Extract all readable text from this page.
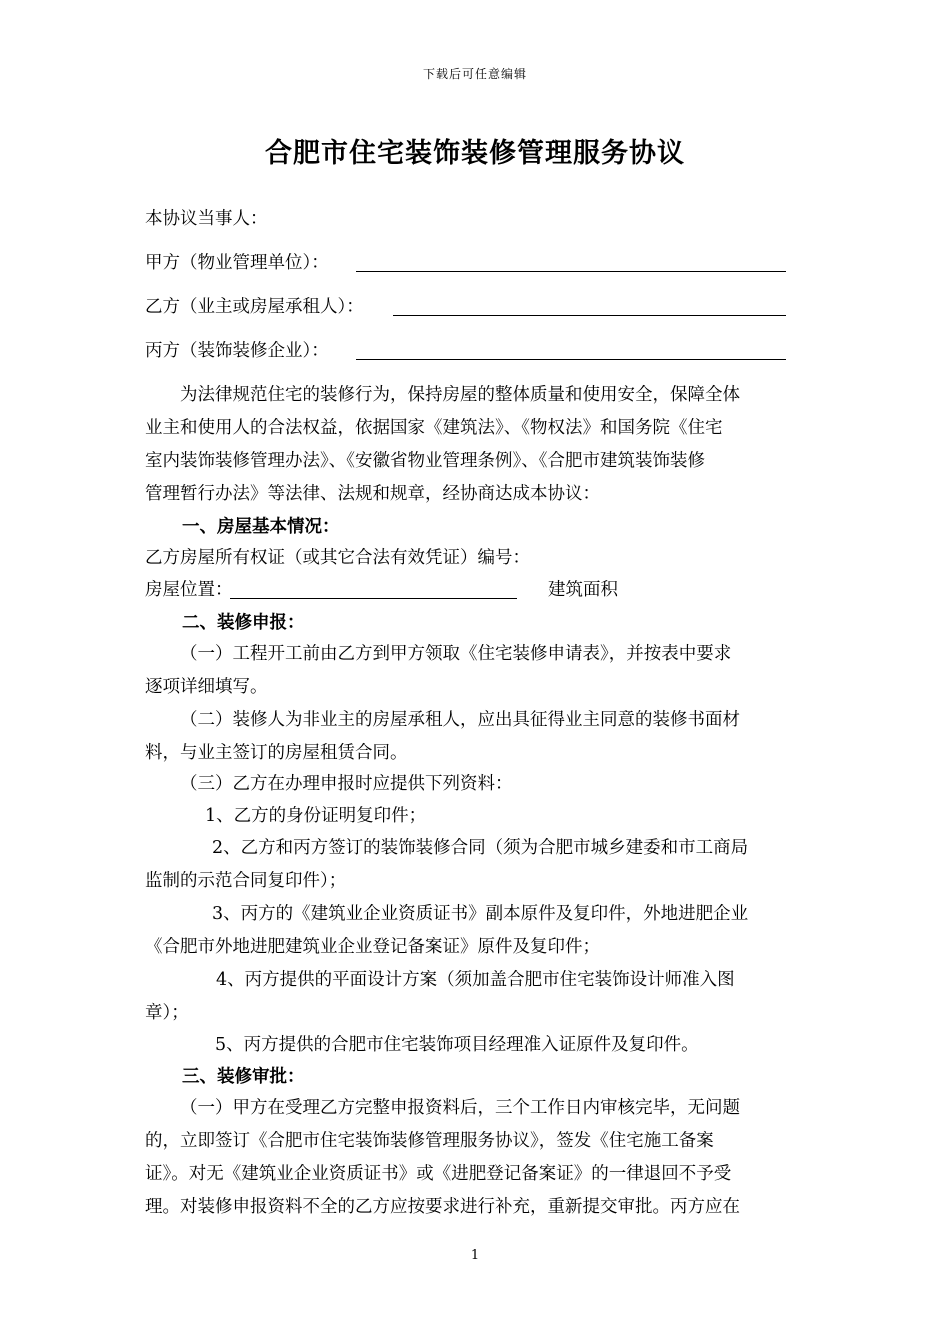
下载后可任意编辑
合肥市住宅装饰装修管理服务协议
本协议当事人：
甲方（物业管理单位）：
乙方（业主或房屋承租人）：
丙方（装饰装修企业）：
为法律规范住宅的装修行为，保持房屋的整体质量和使用安全，保障全体
业主和使用人的合法权益，依据国家《建筑法》、《物权法》和国务院《住宅
室内装饰装修管理办法》、《安徽省物业管理条例》、《合肥市建筑装饰装修
管理暂行办法》等法律、法规和规章，经协商达成本协议：
一、房屋基本情况：
乙方房屋所有权证（或其它合法有效凭证）编号：
房屋位置：	建筑面积
二、装修申报：
（一）工程开工前由乙方到甲方领取《住宅装修申请表》，并按表中要求
逐项详细填写。
（二）装修人为非业主的房屋承租人，应出具征得业主同意的装修书面材
料，与业主签订的房屋租赁合同。
（三）乙方在办理申报时应提供下列资料：
1、乙方的身份证明复印件；
2、乙方和丙方签订的装饰装修合同（须为合肥市城乡建委和市工商局
监制的示范合同复印件）；
3、丙方的《建筑业企业资质证书》副本原件及复印件，外地进肥企业
《合肥市外地进肥建筑业企业登记备案证》原件及复印件；
4、丙方提供的平面设计方案（须加盖合肥市住宅装饰设计师准入图
章）；
5、丙方提供的合肥市住宅装饰项目经理准入证原件及复印件。
三、装修审批：
（一）甲方在受理乙方完整申报资料后，三个工作日内审核完毕，无问题
的，立即签订《合肥市住宅装饰装修管理服务协议》，签发《住宅施工备案
证》。对无《建筑业企业资质证书》或《进肥登记备案证》的一律退回不予受
理。对装修申报资料不全的乙方应按要求进行补充，重新提交审批。丙方应在
1
